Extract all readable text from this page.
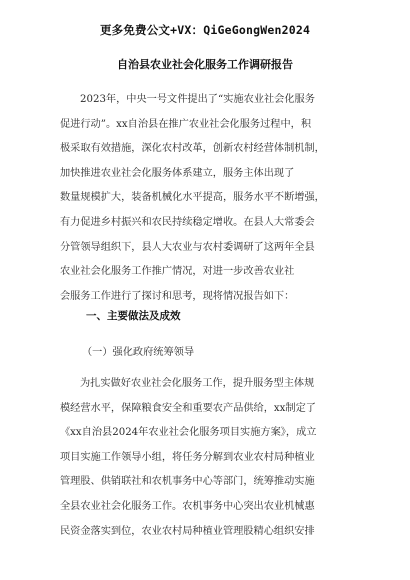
更多免费公文+VX：QiGeGongWen2024
自治县农业社会化服务工作调研报告
2023年，中央一号文件提出了“实施农业社会化服务
促进行动”。xx自治县在推广农业社会化服务过程中，积
极采取有效措施，深化农村改革，创新农村经营体制机制，
加快推进农业社会化服务体系建立，服务主体出现了
数量规模扩大，装备机械化水平提高，服务水平不断增强，
有力促进乡村振兴和农民持续稳定增收。在县人大常委会
分管领导组织下，县人大农业与农村委调研了这两年全县
农业社会化服务工作推广情况，对进一步改善农业社
会服务工作进行了探讨和思考，现将情况报告如下：
一、主要做法及成效
（一）强化政府统筹领导
为扎实做好农业社会化服务工作，提升服务型主体规
模经营水平，保障粮食安全和重要农产品供给，xx制定了
《xx自治县2024年农业社会化服务项目实施方案》，成立
项目实施工作领导小组，将任务分解到农业农村局种植业
管理股、供销联社和农机事务中心等部门，统筹推动实施
全县农业社会化服务工作。农机事务中心突出农业机械惠
民资金落实到位，农业农村局种植业管理股精心组织安排
